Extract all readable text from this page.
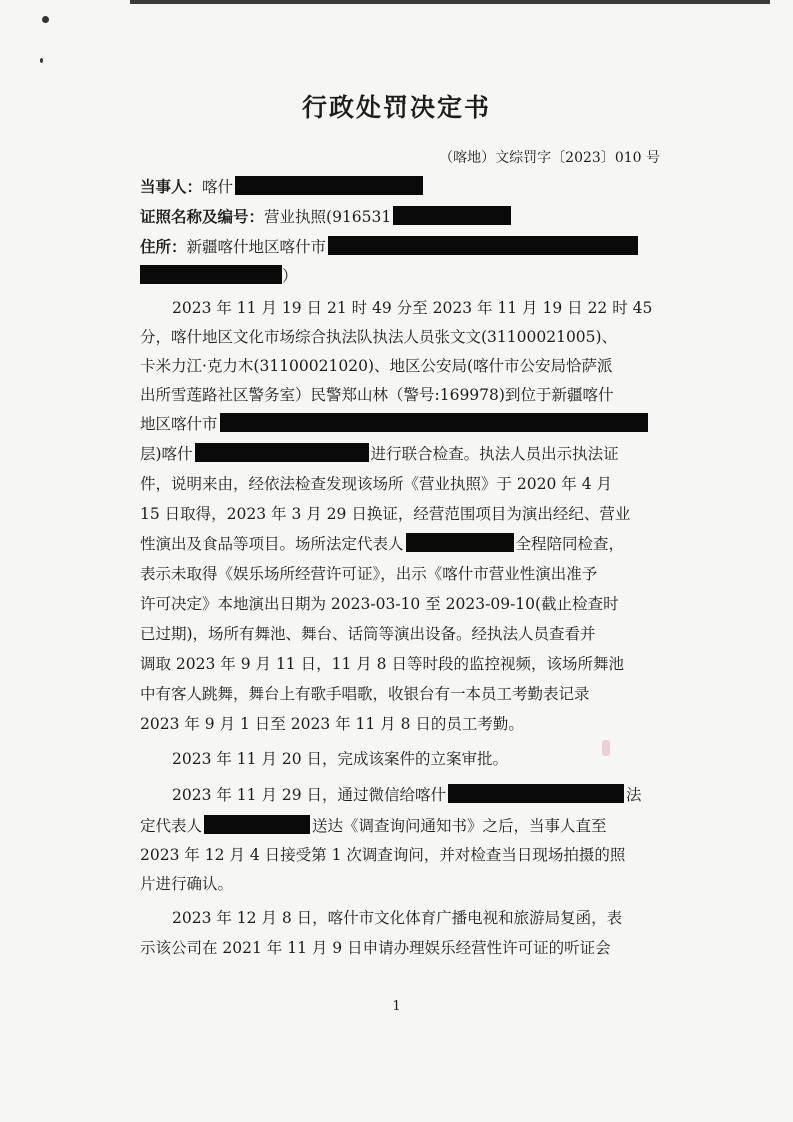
行政处罚决定书
（喀地）文综罚字〔2023〕010 号
当事人：喀什
证照名称及编号：营业执照(916531
住所：新疆喀什地区喀什市
）
2023 年 11 月 19 日 21 时 49 分至 2023 年 11 月 19 日 22 时 45
分，喀什地区文化市场综合执法队执法人员张文文(31100021005)、
卡米力江·克力木(31100021020)、地区公安局(喀什市公安局恰萨派
出所雪莲路社区警务室）民警郑山林（警号:169978)到位于新疆喀什
地区喀什市
层)喀什	进行联合检查。执法人员出示执法证
件，说明来由，经依法检查发现该场所《营业执照》于 2020 年 4 月
15 日取得，2023 年 3 月 29 日换证，经营范围项目为演出经纪、营业
性演出及食品等项目。场所法定代表人	全程陪同检查，
表示未取得《娱乐场所经营许可证》，出示《喀什市营业性演出准予
许可决定》本地演出日期为 2023-03-10 至 2023-09-10(截止检查时
已过期)，场所有舞池、舞台、话筒等演出设备。经执法人员查看并
调取 2023 年 9 月 11 日，11 月 8 日等时段的监控视频，该场所舞池
中有客人跳舞，舞台上有歌手唱歌，收银台有一本员工考勤表记录
2023 年 9 月 1 日至 2023 年 11 月 8 日的员工考勤。
2023 年 11 月 20 日，完成该案件的立案审批。
2023 年 11 月 29 日，通过微信给喀什	法
定代表人	送达《调查询问通知书》之后，当事人直至
2023 年 12 月 4 日接受第 1 次调查询问，并对检查当日现场拍摄的照
片进行确认。
2023 年 12 月 8 日，喀什市文化体育广播电视和旅游局复函，表
示该公司在 2021 年 11 月 9 日申请办理娱乐经营性许可证的听证会
1
